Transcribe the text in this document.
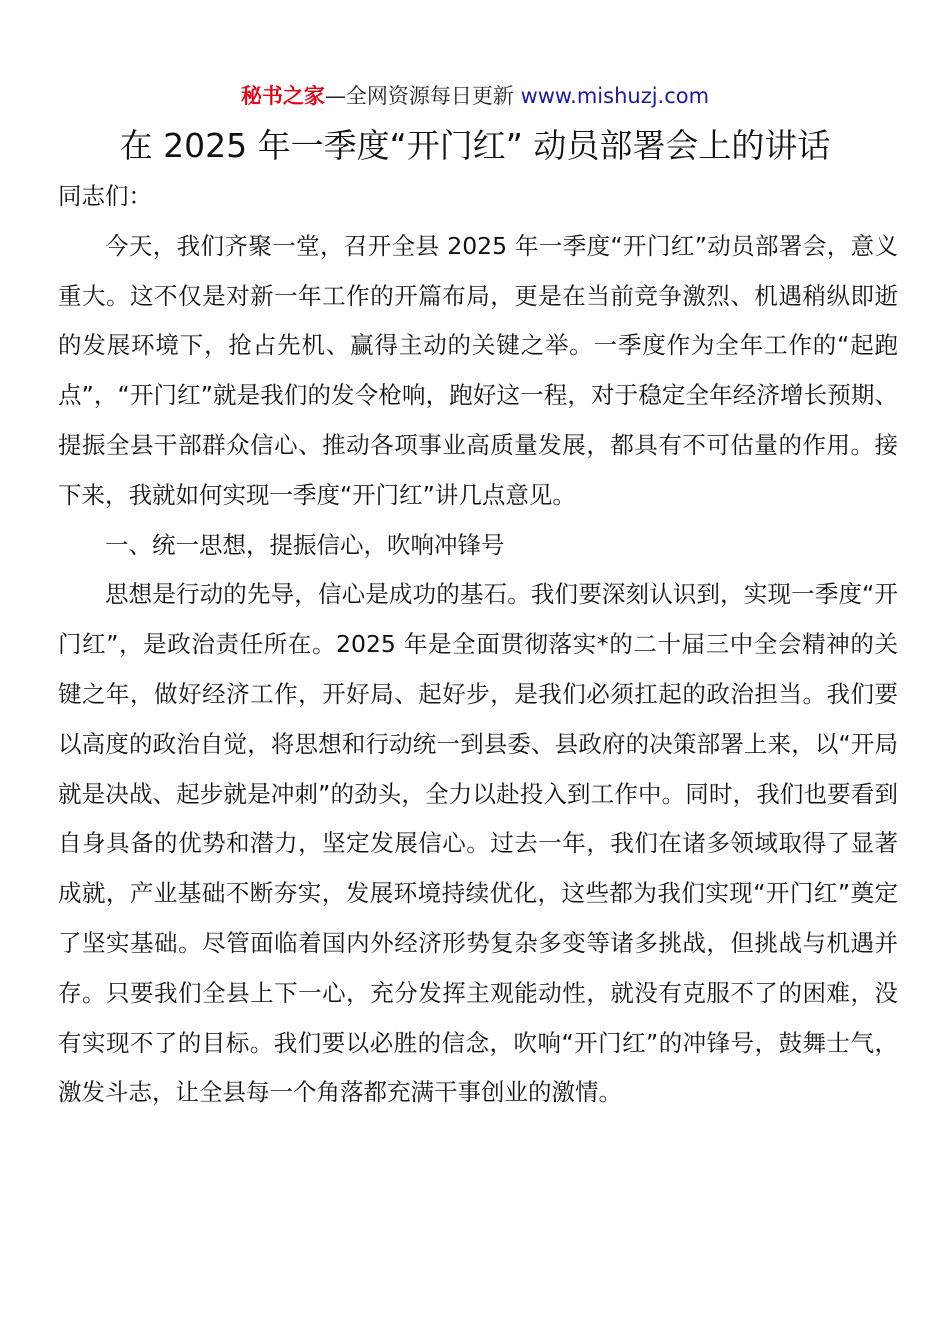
秘书之家—全网资源每日更新 www.mishuzj.com
在 2025 年一季度“开门红” 动员部署会上的讲话

同志们：

今天，我们齐聚一堂，召开全县 2025 年一季度“开门红”动员部署会，意义重大。这不仅是对新一年工作的开篇布局，更是在当前竞争激烈、机遇稍纵即逝的发展环境下，抢占先机、赢得主动的关键之举。一季度作为全年工作的“起跑点”，“开门红”就是我们的发令枪响，跑好这一程，对于稳定全年经济增长预期、提振全县干部群众信心、推动各项事业高质量发展，都具有不可估量的作用。接下来，我就如何实现一季度“开门红”讲几点意见。

一、统一思想，提振信心，吹响冲锋号

思想是行动的先导，信心是成功的基石。我们要深刻认识到，实现一季度“开门红”，是政治责任所在。2025 年是全面贯彻落实*的二十届三中全会精神的关键之年，做好经济工作，开好局、起好步，是我们必须扛起的政治担当。我们要以高度的政治自觉，将思想和行动统一到县委、县政府的决策部署上来，以“开局就是决战、起步就是冲刺”的劲头，全力以赴投入到工作中。同时，我们也要看到自身具备的优势和潜力，坚定发展信心。过去一年，我们在诸多领域取得了显著成就，产业基础不断夯实，发展环境持续优化，这些都为我们实现“开门红”奠定了坚实基础。尽管面临着国内外经济形势复杂多变等诸多挑战，但挑战与机遇并存。只要我们全县上下一心，充分发挥主观能动性，就没有克服不了的困难，没有实现不了的目标。我们要以必胜的信念，吹响“开门红”的冲锋号，鼓舞士气，激发斗志，让全县每一个角落都充满干事创业的激情。
